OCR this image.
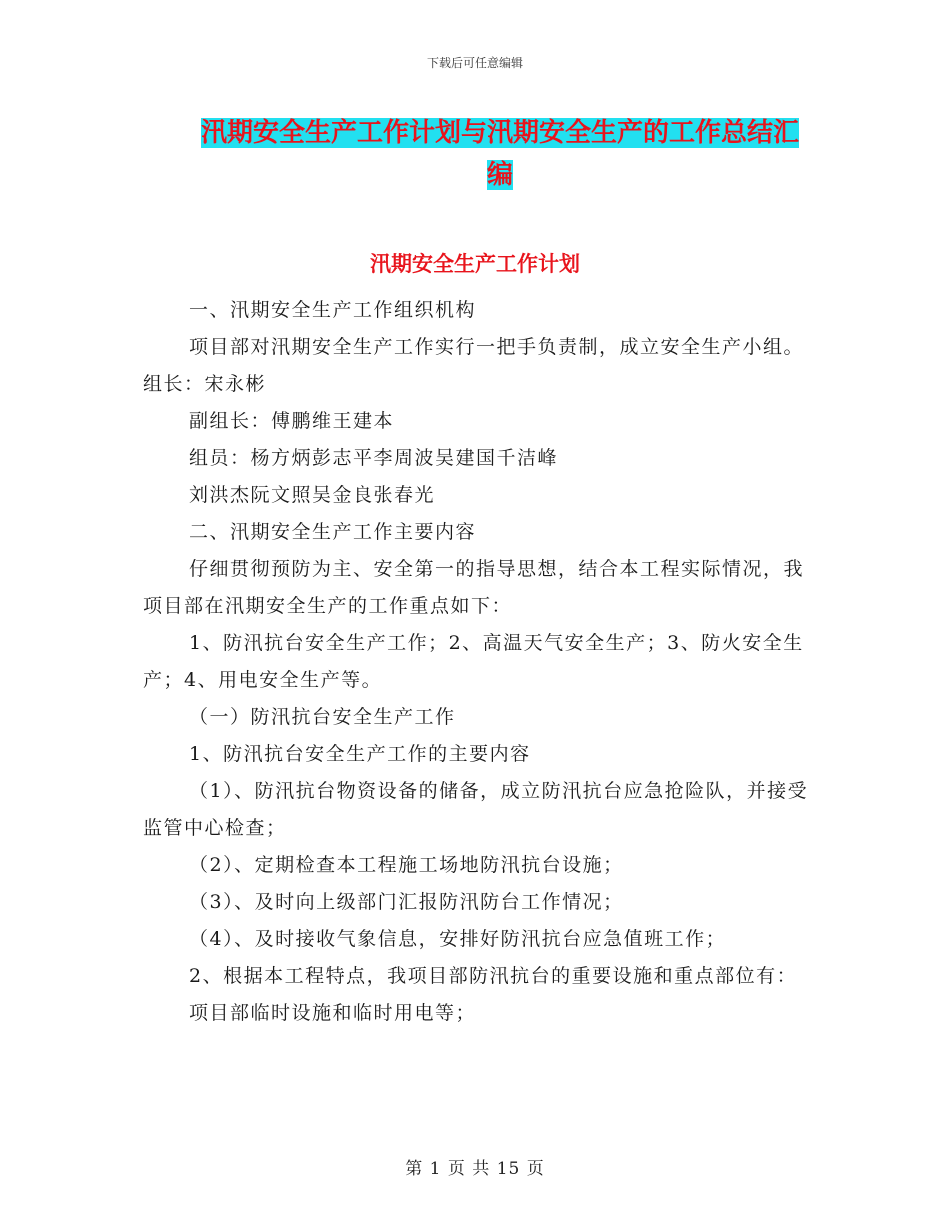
下载后可任意编辑
汛期安全生产工作计划与汛期安全生产的工作总结汇编
汛期安全生产工作计划

一、汛期安全生产工作组织机构

项目部对汛期安全生产工作实行一把手负责制，成立安全生产小组。组长：宋永彬

副组长：傅鹏维王建本

组员：杨方炳彭志平李周波吴建国千洁峰

刘洪杰阮文照吴金良张春光

二、汛期安全生产工作主要内容

仔细贯彻预防为主、安全第一的指导思想，结合本工程实际情况，我项目部在汛期安全生产的工作重点如下：

1、防汛抗台安全生产工作；2、高温天气安全生产；3、防火安全生产；4、用电安全生产等。

（一）防汛抗台安全生产工作

1、防汛抗台安全生产工作的主要内容

（1）、防汛抗台物资设备的储备，成立防汛抗台应急抢险队，并接受监管中心检查；

（2）、定期检查本工程施工场地防汛抗台设施；

（3）、及时向上级部门汇报防汛防台工作情况；

（4）、及时接收气象信息，安排好防汛抗台应急值班工作；

2、根据本工程特点，我项目部防汛抗台的重要设施和重点部位有：项目部临时设施和临时用电等；

第 1 页 共 15 页
